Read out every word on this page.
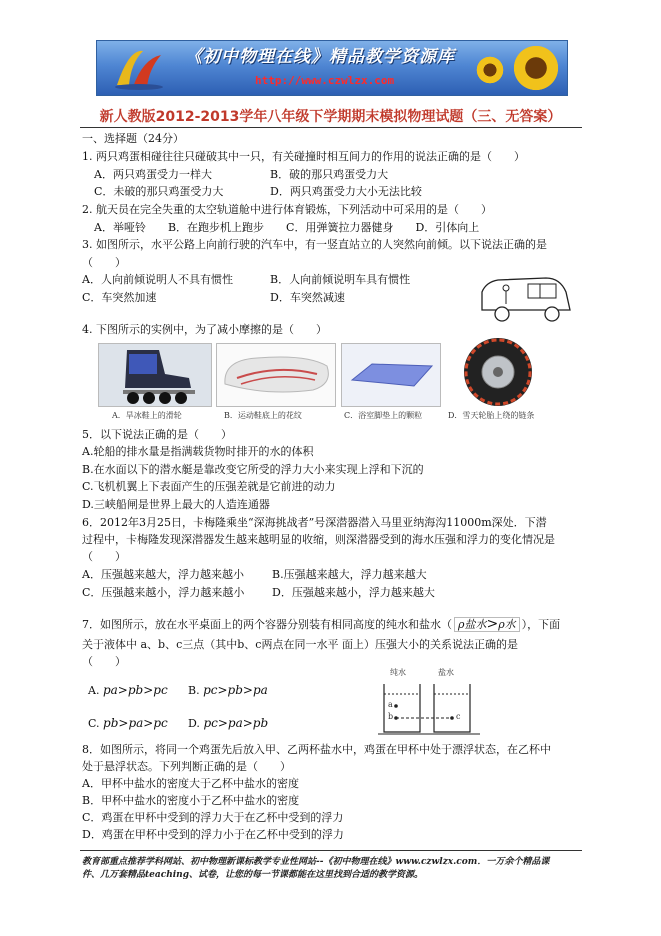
《初中物理在线》精品教学资源库
http://www.czwlzx.com
新人教版2012-2013学年八年级下学期期末模拟物理试题（三、无答案）
一、选择题（24分）
1. 两只鸡蛋相碰往往只碰破其中一只，有关碰撞时相互间力的作用的说法正确的是（　　）
A．两只鸡蛋受力一样大	B．破的那只鸡蛋受力大
C．未破的那只鸡蛋受力大	D．两只鸡蛋受力大小无法比较
2. 航天员在完全失重的太空轨道舱中进行体育锻炼，下列活动中可采用的是（　　）
A．举哑铃　　B．在跑步机上跑步　　C．用弹簧拉力器健身　　D．引体向上
3. 如图所示，水平公路上向前行驶的汽车中，有一竖直站立的人突然向前倾。以下说法正确的是
（　　）
A．人向前倾说明人不具有惯性	B．人向前倾说明车具有惯性
C．车突然加速	D．车突然减速
4. 下图所示的实例中，为了减小摩擦的是（　　）
A．旱冰鞋上的滑轮	B．运动鞋底上的花纹	C．浴室脚垫上的颗粒	D．雪天轮胎上绕的链条
5．以下说法正确的是（　　）
A.轮船的排水量是指满载货物时排开的水的体积
B.在水面以下的潜水艇是靠改变它所受的浮力大小来实现上浮和下沉的
C.飞机机翼上下表面产生的压强差就是它前进的动力
D.三峡船闸是世界上最大的人造连通器
6．2012年3月25日，卡梅隆乘坐“深海挑战者”号深潜器潜入马里亚纳海沟11000m深处．下潜
过程中，卡梅隆发现深潜器发生越来越明显的收缩，则深潜器受到的海水压强和浮力的变化情况是
（　　）
A．压强越来越大，浮力越来越小	B.压强越来越大，浮力越来越大
C．压强越来越小，浮力越来越小	D．压强越来越小，浮力越来越大
7．如图所示，放在水平桌面上的两个容器分别装有相同高度的纯水和盐水（ ρ盐水>ρ水 ），下面
关于液体中 a、b、c三点（其中b、c两点在同一水平 面上）压强大小的关系说法正确的是
（　　）
A. pa>pb>pc B. pc>pb>pa
C. pb>pa>pc D. pc>pa>pb
纯水	盐水
a
b	c
8．如图所示，将同一个鸡蛋先后放入甲、乙两杯盐水中，鸡蛋在甲杯中处于漂浮状态，在乙杯中
处于悬浮状态。下列判断正确的是（　　）
A．甲杯中盐水的密度大于乙杯中盐水的密度
B．甲杯中盐水的密度小于乙杯中盐水的密度
C．鸡蛋在甲杯中受到的浮力大于在乙杯中受到的浮力
D．鸡蛋在甲杯中受到的浮力小于在乙杯中受到的浮力
教育部重点推荐学科网站、初中物理新课标教学专业性网站--《初中物理在线》www.czwlzx.com．一万余个精品课
件、几万套精品teaching、试卷，让您的每一节课都能在这里找到合适的教学资源。
